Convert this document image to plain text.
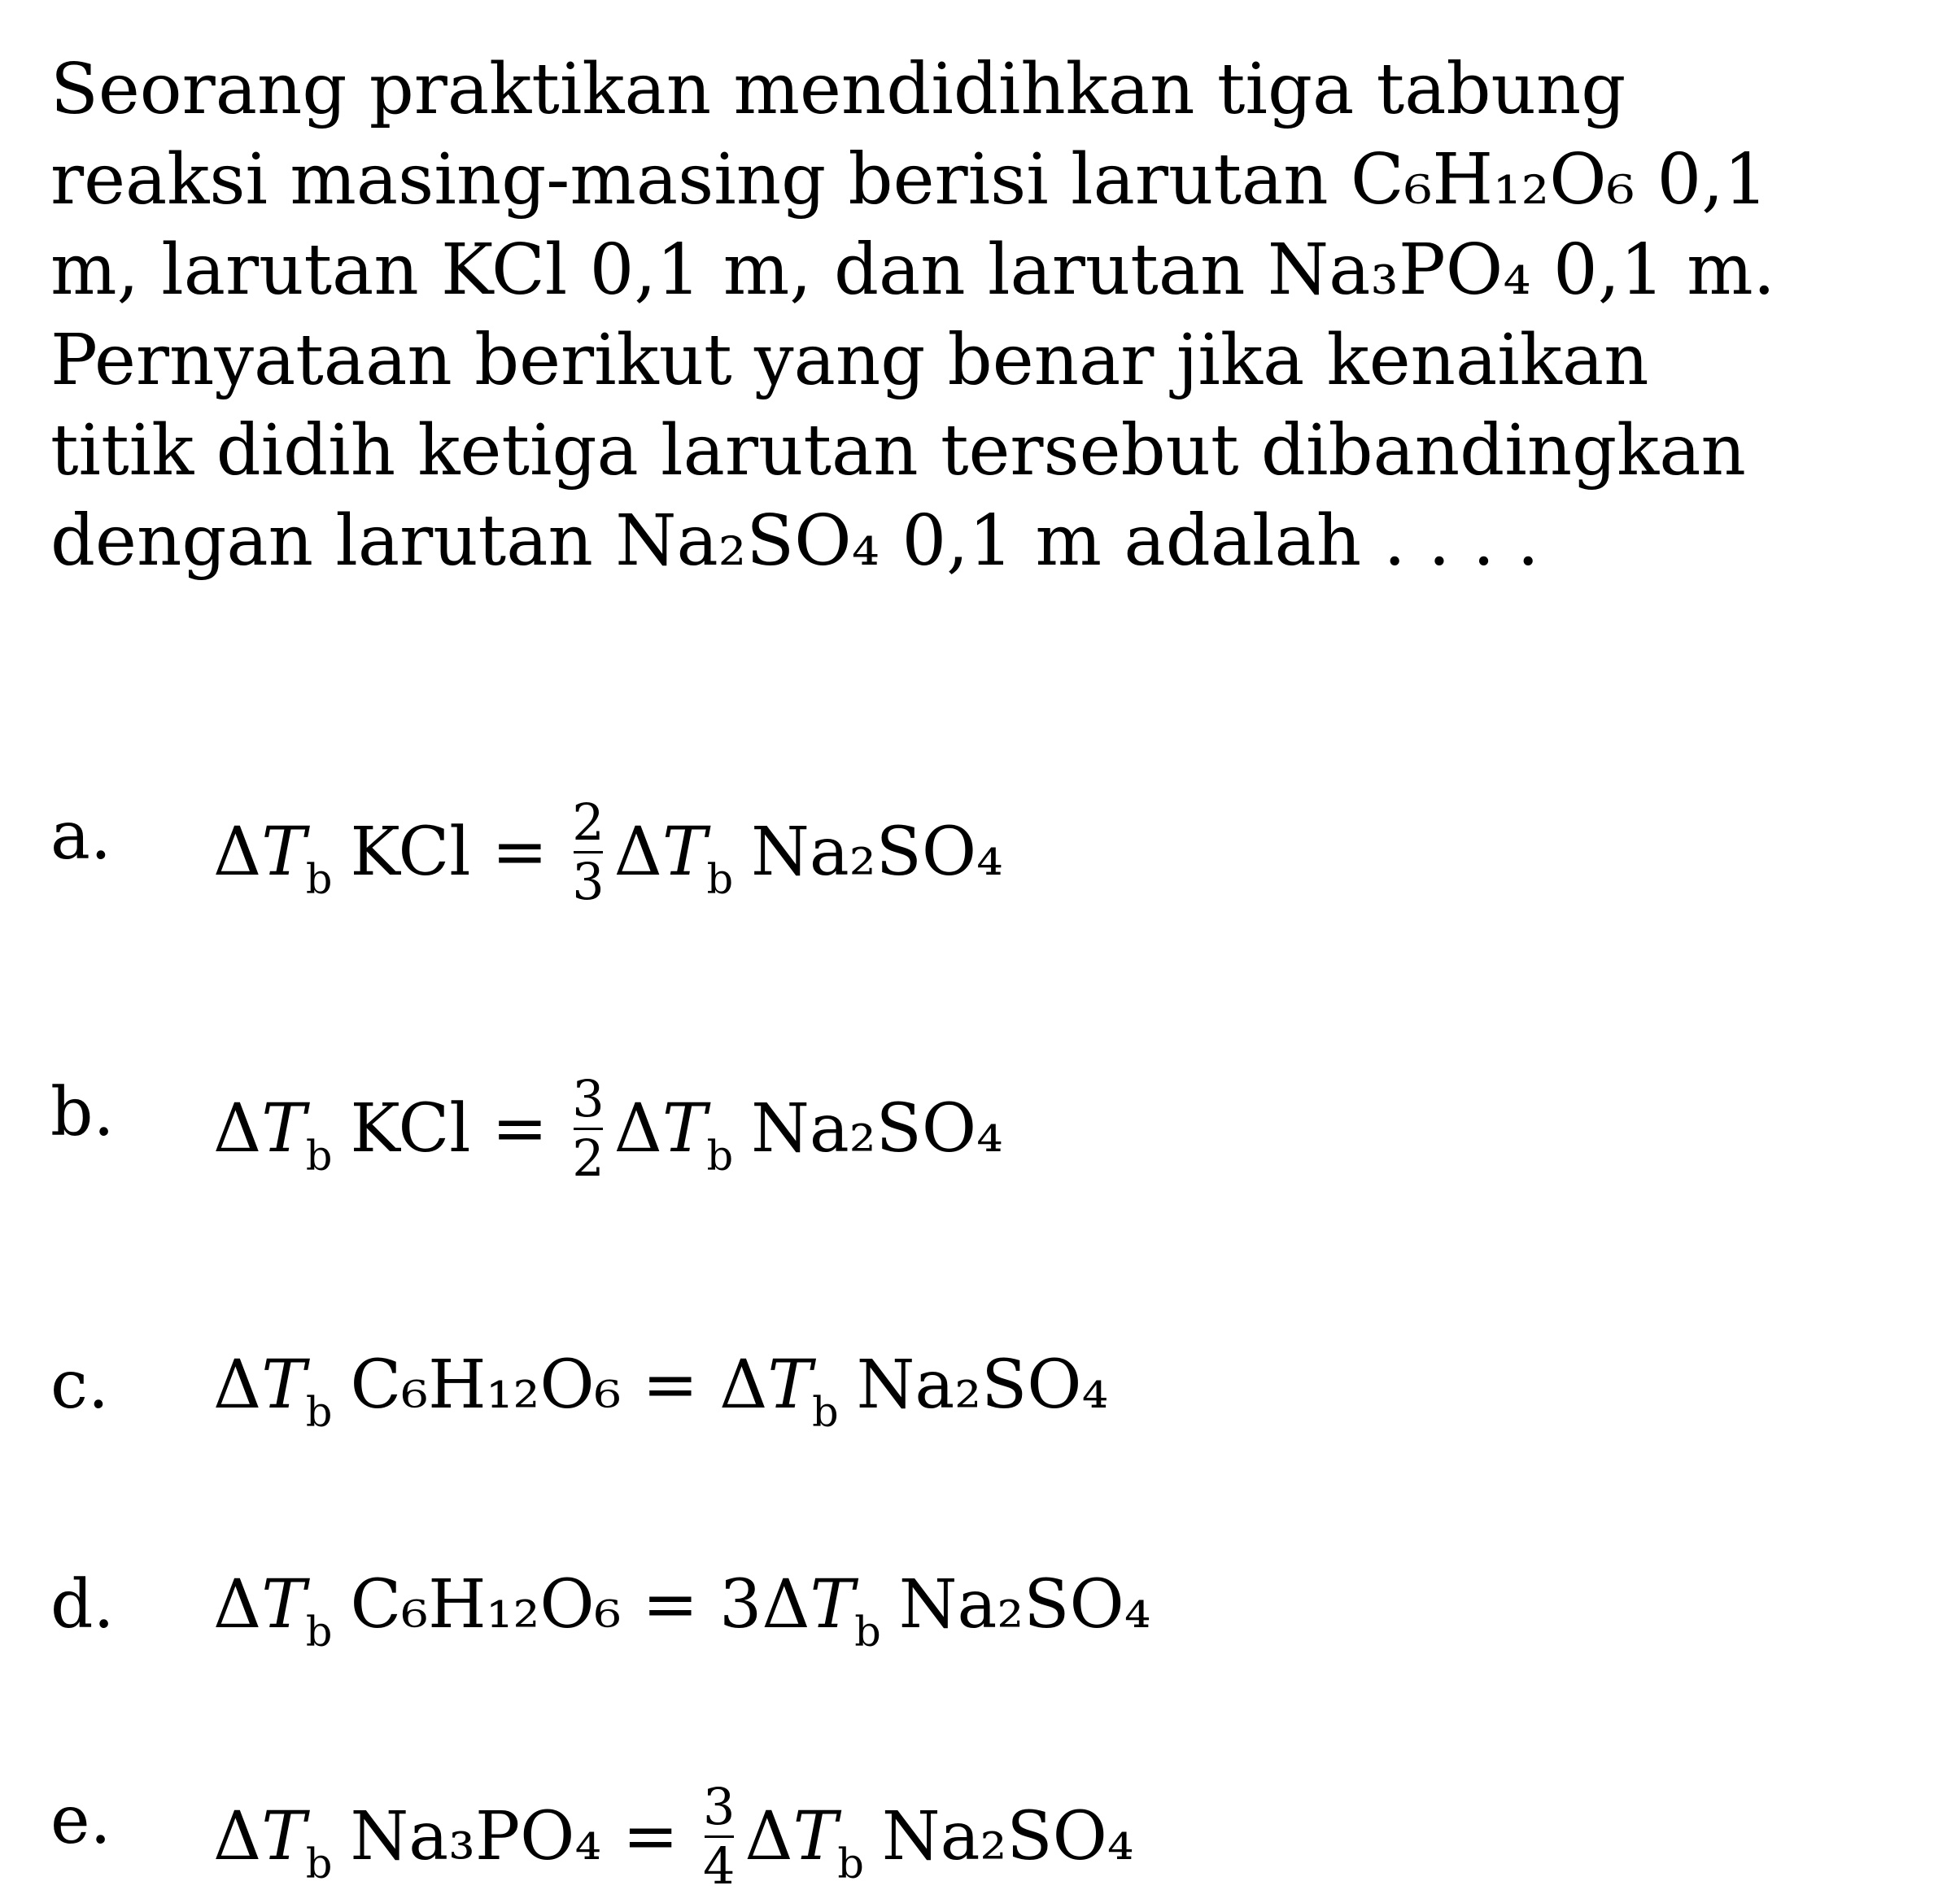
Seorang praktikan mendidihkan tiga tabung
reaksi masing-masing berisi larutan C₆H₁₂O₆ 0,1
m, larutan KCl 0,1 m, dan larutan Na₃PO₄ 0,1 m.
Pernyataan berikut yang benar jika kenaikan
titik didih ketiga larutan tersebut dibandingkan
dengan larutan Na₂SO₄ 0,1 m adalah . . . .
a. $\Delta T_b$ KCl = $\frac{2}{3} \Delta T_b$ Na₂SO₄
b. $\Delta T_b$ KCl = $\frac{3}{2} \Delta T_b$ Na₂SO₄
c. $\Delta T_b$ $C_6H_{12}O_6 = \Delta T_b$ Na₂SO₄
d. $\Delta T_b$ C₆H₁₂O₆ = 3 $\Delta T_b$ Na₂SO₄
e. $\Delta T_b$ $Na_3PO_4 = \frac{3}{4} \Delta T_b$ Na₂SO₄
